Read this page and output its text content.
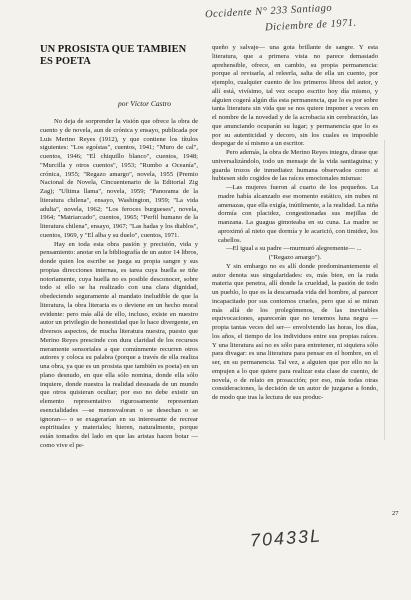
Occidente N° 233 Santiago
Diciembre de 1971.
UN PROSISTA QUE TAMBIEN ES POETA
por Víctor Castro

No deja de sorprender la visión que ofrece la obra de cuento y de novela, aun de crónica y ensayo, publicada por Luis Merino Reyes (1912), y que contiene los títulos siguientes: "Los egoístas", cuentos, 1941; "Muro de cal", cuentos, 1946; "El chiquillo blanco", cuentos, 1948; "Murcilla y otros cuentos", 1953; "Rumbo a Oceanía", crónica, 1955; "Regazo amargo", novela, 1955 (Premio Nacional de Novela, Cincuentenario de la Editorial Zig Zag); "Ultima llama", novela, 1959; "Panorama de la literatura chilena", ensayo, Washington, 1959; "La vida adulta", novela, 1962; "Los feroces burgueses", novela, 1964; "Matriarcado", cuentos, 1965; "Perfil humano de la literatura chilena", ensayo, 1967; "Las hadas y los diablos", cuentos, 1969, y "El alba y su duelo", cuentos, 1971.

Hay en toda esta obra pasión y precisión, vida y pensamiento: anotar en la bibliografía de un autor 14 libros, donde quien los escribe se juega su propia sangre y sus propias direcciones internas, es tarea cuya huella se tiñe notoriamente, cuya huella no es posible desconocer, sobre todo si ello se ha realizado con una clara dignidad, obedeciendo seguramente al mandato ineludible de que la literatura, la obra literaria es o deviene en un hecho moral evidente: pero más allá de ello, incluso, existe en nuestro autor un privilegio de honestidad que lo hace divergente, en diversos aspectos, de mucha literatura nuestra, puesto que Merino Reyes prescinde con dura claridad de los recursos meramente sensoriales a que comúnmente recurren otros autores y coloca su palabra (porque a través de ella realiza una obra, ya que es un prosista que también es poeta) en un plano desnudo, en que ella sólo nomina, donde ella sólo inquiere, donde nuestra la realidad desusada de un mundo que otros quisieran ocultar; por eso no debe existir un elemento representativo rigurosamente representan esencialidades —se menosvaloran o se desechan o se ignoran— o se exagerarían en su interesante de recrear espirituales y materiales; hieren, naturalmente, porque están tomados del lado en que las aristas hacen botar —como vive el pe-

queño y salvaje— una gota brillante de sangre. Y esta literatura, que a primera vista no parece demasiado aprehensible, ofrece, en cambio, su propia permanencia: porque al revisarla, al releerla, salta de ella un cuento, por ejemplo, cualquier cuento de los primeros libros del autor, y allí está, vivísimo, tal vez ocupo escrito hoy día mismo, y alguien cogerá algún día esta permanencia, que lo es por sobre tanta literatura sin vida que se nos quiere imponer a veces en el nombre de la novedad y de la acrobacia sin cerebración, las que anunciando ocuparán su lugar; y permanencia que lo es por su autenticidad y decoro, sin los cuales es imposible despegar de sí mismo a un escritor.

Pero además, la obra de Merino Reyes integra, dirase que universalizándolo, todo un mensaje de la vida santiaguina; y guarda trozos de inmediatez humana observados como si hubiesen sido cogidos de las raíces emocionales mismas:

—Las mujeres fueron al cuarto de los pequeños. La madre había alcanzado ese momento estático, sin nubes ni amenazas, que ella exigía, inútilmente, a la realidad. La niña dormía con placidez, congestionadas sus mejillas de manzana. La guagua gimoteaba en su cuna. La madre se aproximó al nieto que dormía y le acarició, con timidez, los cabellos.

—El igual a su padre —murmuró alegremente— ...

("Regazo amargo").

Y sin embargo no es allí donde predominantemente el autor denota sus singularidades: es, más bien, en la ruda materia que penetra, allí donde la crueldad, la pasión de todo un pueblo, lo que es la descarnada vida del hombre, al parecer incapacitado por sus contornos crueles, pero que sí se miran más allá de los prolegómenos, de las inevitables equivocaciones, aparecerán que no tenemos luna negra —propia tantas veces del ser— envolviendo las horas, los días, los años, el tiempo de los individuos entre sus propias raíces. Y una literatura así no es sólo para entretener, ni siquiera sólo para divagar: es una literatura para pensar en el hombre, en el ser, en su permanencia. Tal vez, a alguien que por ello no la empujen a lo que quiere para realizar esta clase de cuento, de novela, o de relato en prosacción; por eso, más todas otras consideraciones, la decisión de un autor de juzgarse a fondo, de modo que tras la lectura de sus produc-

27
70433L
